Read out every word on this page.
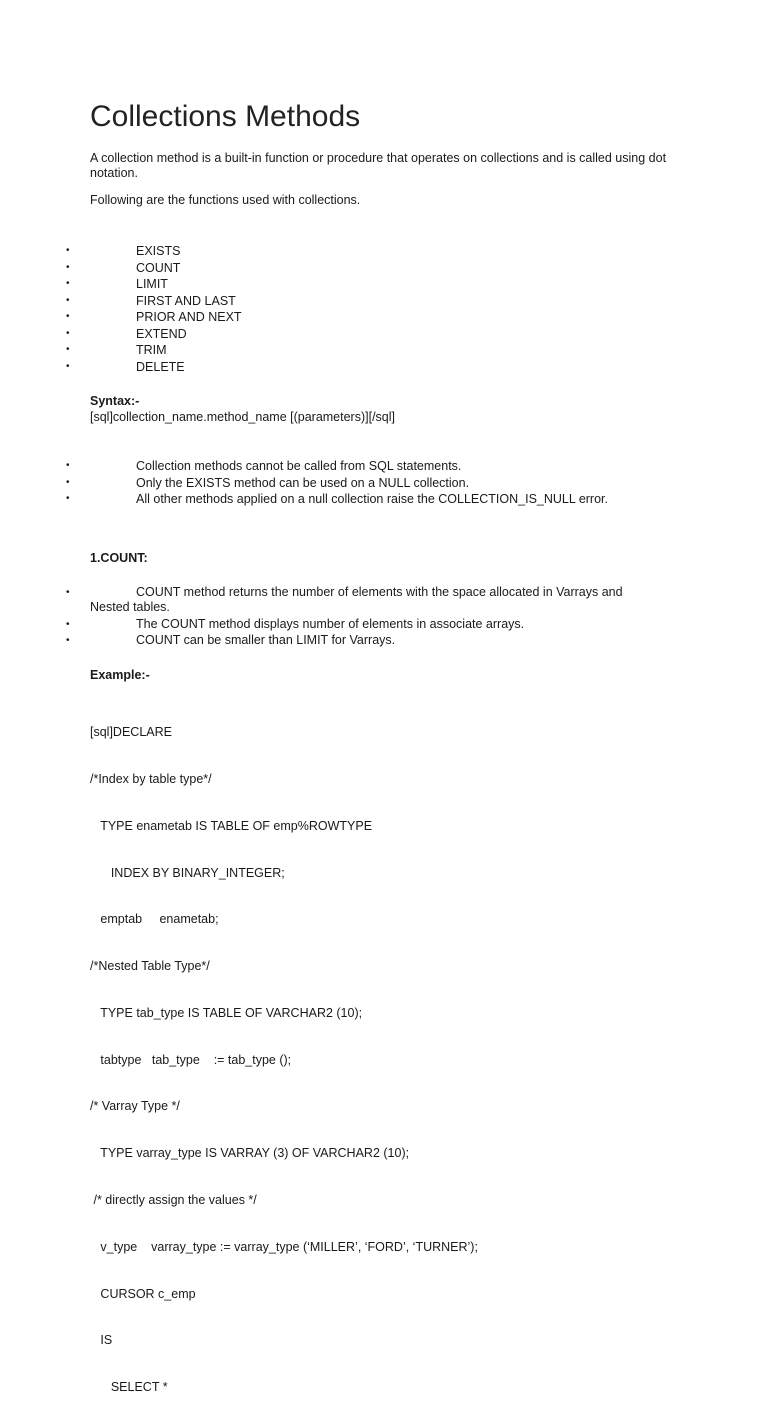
Collections Methods

A collection method is a built-in function or procedure that operates on collections and is called using dot notation.

Following are the functions used with collections.

•	EXISTS
•	COUNT
•	LIMIT
•	FIRST AND LAST
•	PRIOR AND NEXT
•	EXTEND
•	TRIM
•	DELETE

Syntax:-

[sql]collection_name.method_name [(parameters)][/sql]

•	Collection methods cannot be called from SQL statements.
•	Only the EXISTS method can be used on a NULL collection.
•	All other methods applied on a null collection raise the COLLECTION_IS_NULL error.

1.COUNT:

•	COUNT method returns the number of elements with the space allocated in Varrays and Nested tables.
•	The COUNT method displays number of elements in associate arrays.
•	COUNT can be smaller than LIMIT for Varrays.

Example:-

[sql]DECLARE

/*Index by table type*/

TYPE enametab IS TABLE OF emp%ROWTYPE

INDEX BY BINARY_INTEGER;

emptab     enametab;

/*Nested Table Type*/

TYPE tab_type IS TABLE OF VARCHAR2 (10);

tabtype   tab_type    := tab_type ();

/* Varray Type */

TYPE varray_type IS VARRAY (3) OF VARCHAR2 (10);

/* directly assign the values */

v_type    varray_type := varray_type (‘MILLER’, ‘FORD’, ‘TURNER’);

CURSOR c_emp

IS

SELECT *
